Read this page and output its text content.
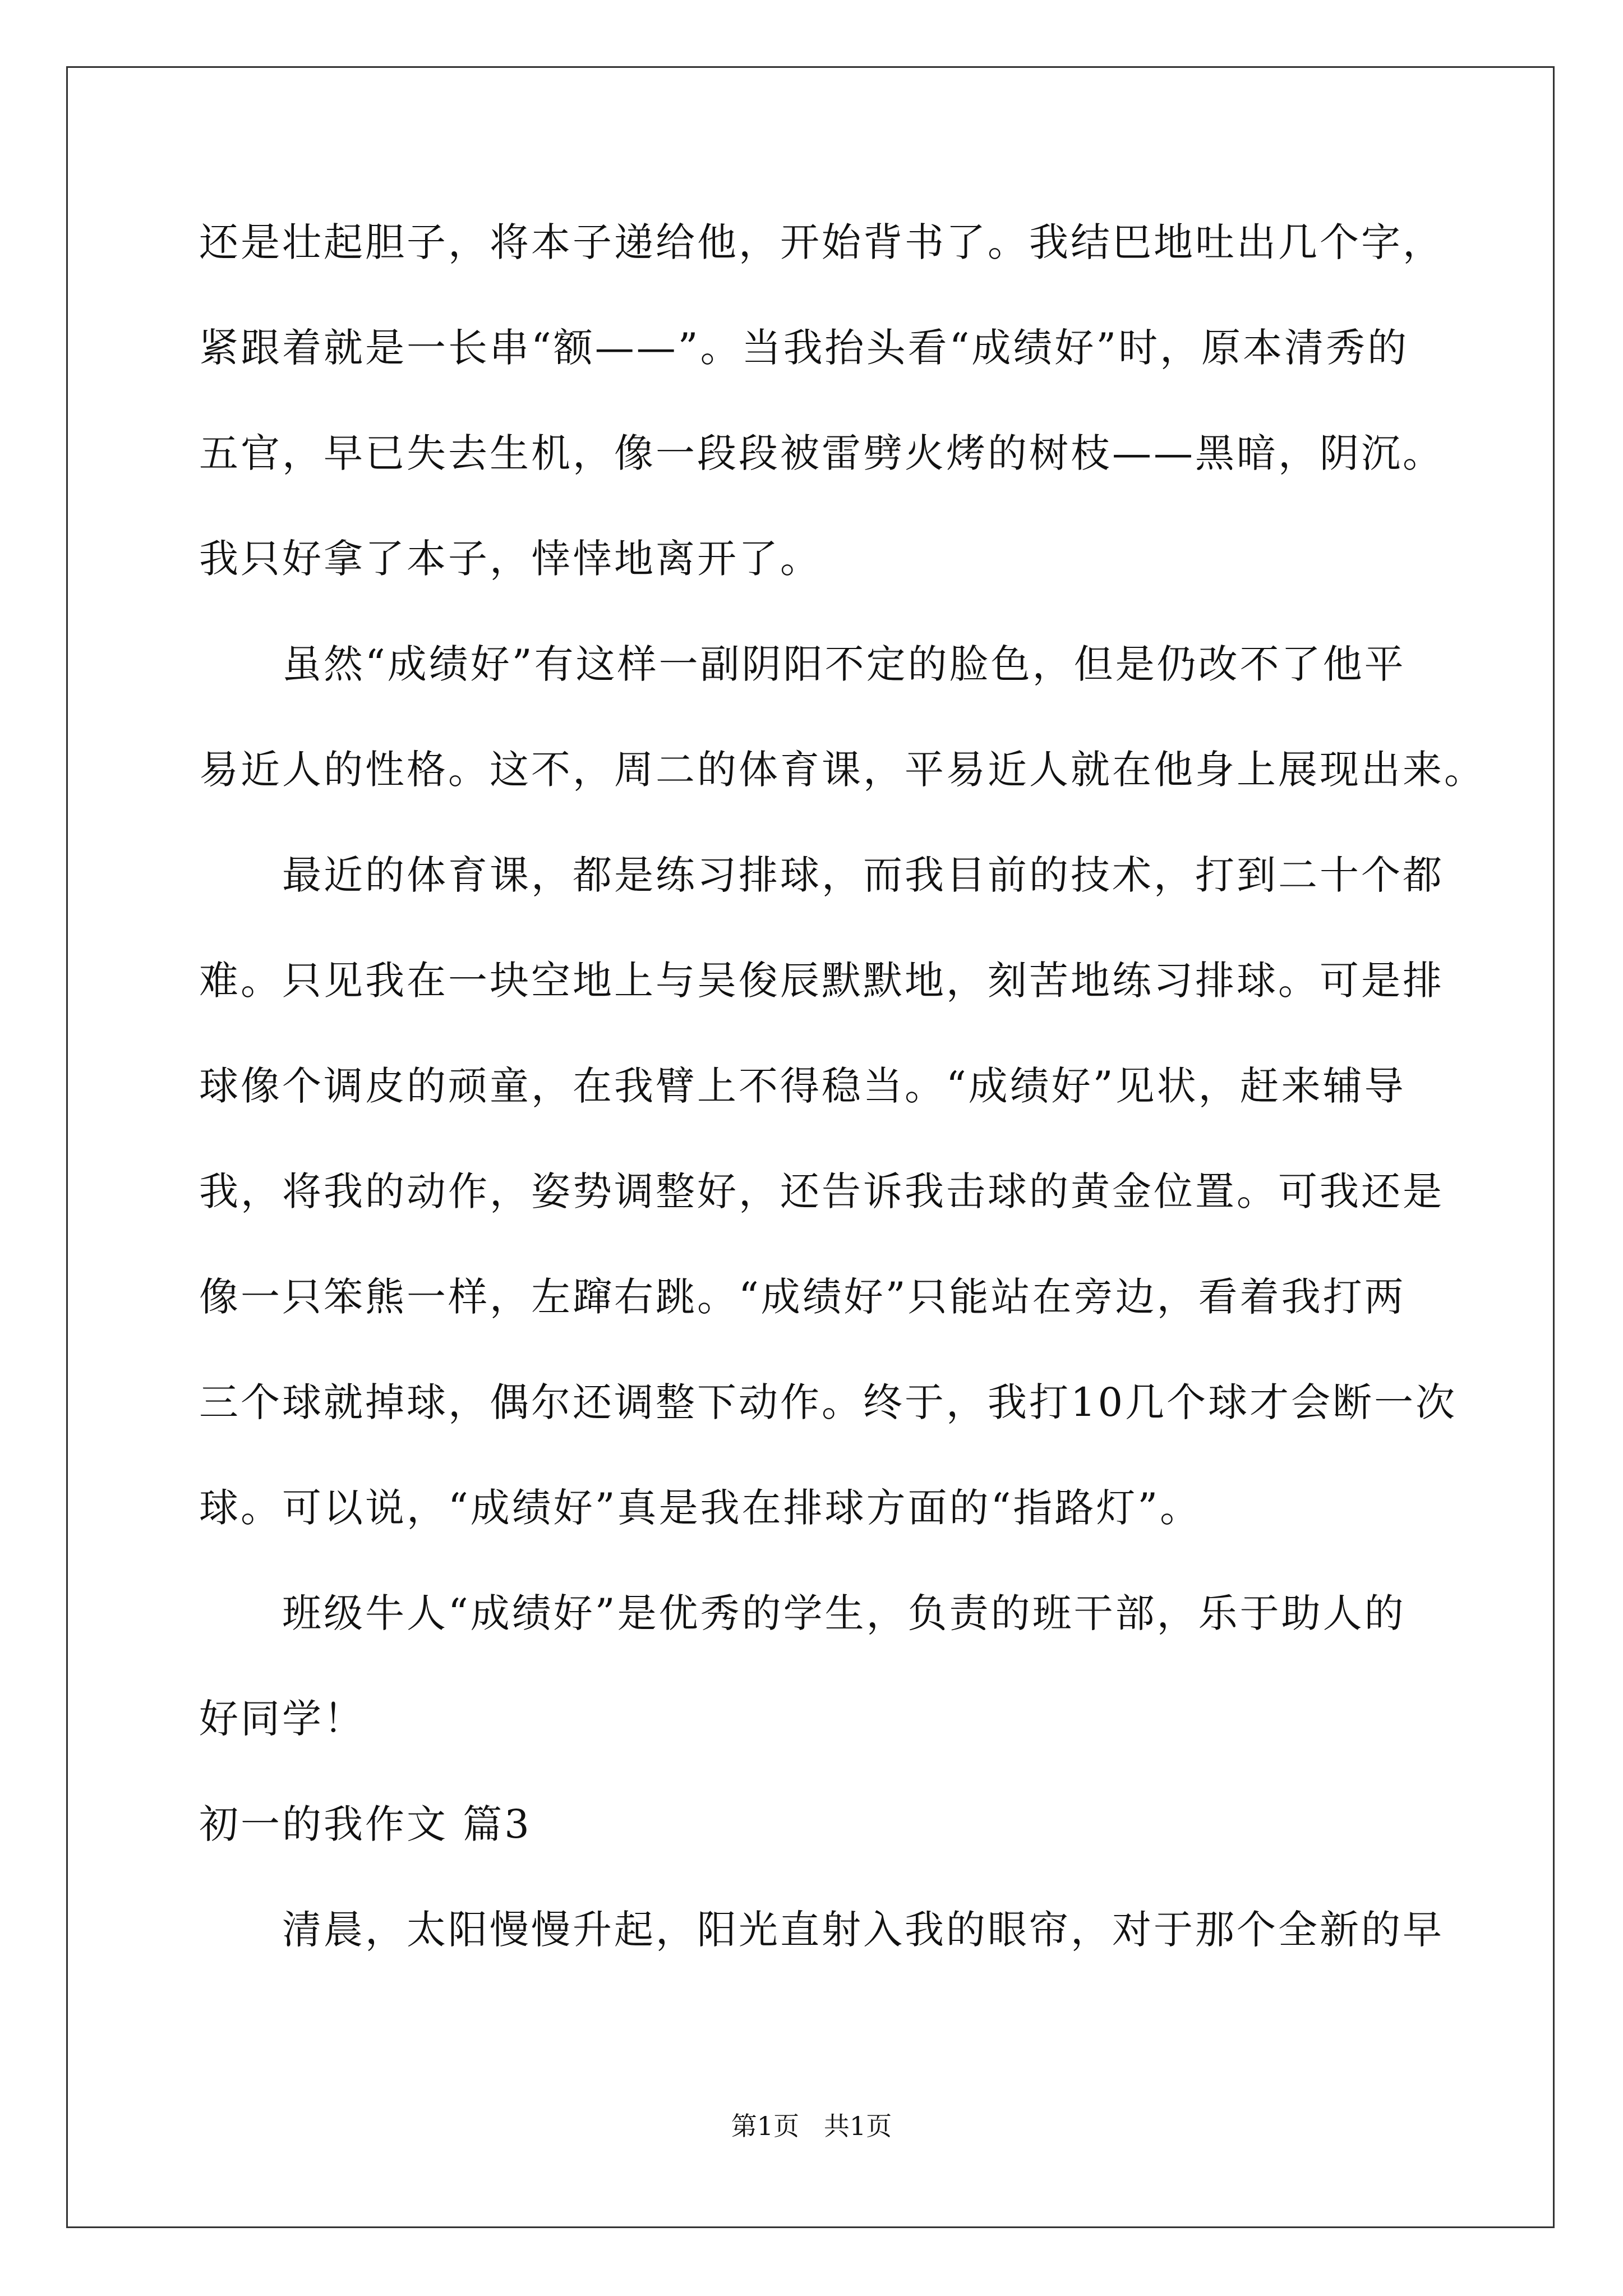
还是壮起胆子，将本子递给他，开始背书了。我结巴地吐出几个字，
紧跟着就是一长串“额——”。当我抬头看“成绩好”时，原本清秀的
五官，早已失去生机，像一段段被雷劈火烤的树枝——黑暗，阴沉。
我只好拿了本子，悻悻地离开了。
虽然“成绩好”有这样一副阴阳不定的脸色，但是仍改不了他平
易近人的性格。这不，周二的体育课，平易近人就在他身上展现出来。
最近的体育课，都是练习排球，而我目前的技术，打到二十个都
难。只见我在一块空地上与吴俊辰默默地，刻苦地练习排球。可是排
球像个调皮的顽童，在我臂上不得稳当。“成绩好”见状，赶来辅导
我，将我的动作，姿势调整好，还告诉我击球的黄金位置。可我还是
像一只笨熊一样，左蹿右跳。“成绩好”只能站在旁边，看着我打两
三个球就掉球，偶尔还调整下动作。终于，我打10几个球才会断一次
球。可以说，“成绩好”真是我在排球方面的“指路灯”。
班级牛人“成绩好”是优秀的学生，负责的班干部，乐于助人的
好同学！
初一的我作文 篇3
清晨，太阳慢慢升起，阳光直射入我的眼帘，对于那个全新的早
第1页   共1页
